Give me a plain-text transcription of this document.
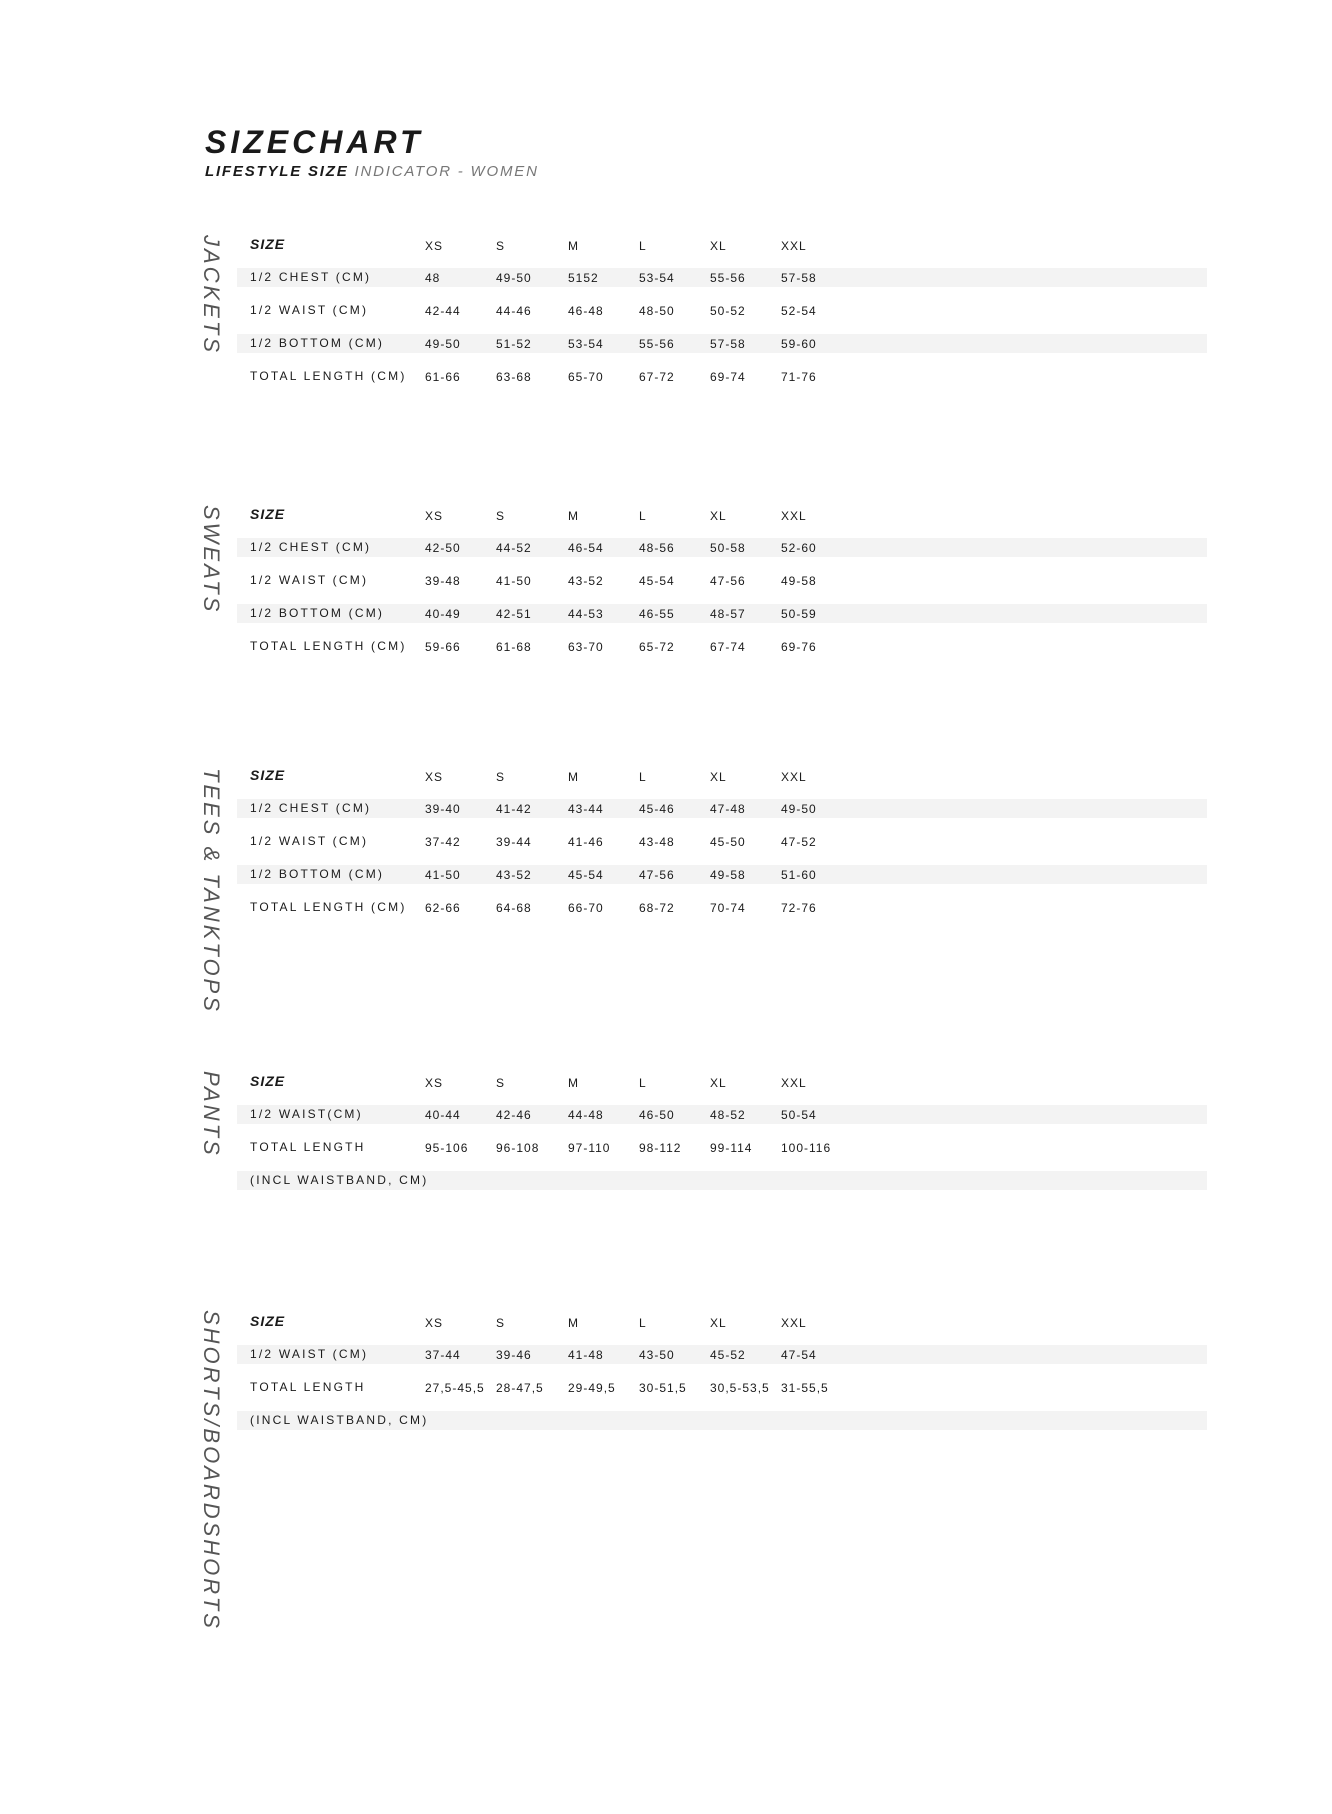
SIZECHART

LIFESTYLE SIZE INDICATOR - WOMEN

JACKETS SIZE	XS	S	M	L	XL	XXL
1/2 CHEST (CM)	48	49-50	5152	53-54	55-56	57-58
1/2 WAIST (CM)	42-44	44-46	46-48	48-50	50-52	52-54
1/2 BOTTOM (CM)	49-50	51-52	53-54	55-56	57-58	59-60
TOTAL LENGTH (CM) 61-66	63-68	65-70	67-72	69-74	71-76
SWEATS SIZE	XS	S	M	L	XL	XXL
1/2 CHEST (CM)	42-50	44-52	46-54	48-56	50-58	52-60
1/2 WAIST (CM)	39-48	41-50	43-52	45-54	47-56	49-58
1/2 BOTTOM (CM)	40-49	42-51	44-53	46-55	48-57	50-59
TOTAL LENGTH (CM) 59-66	61-68	63-70	65-72	67-74	69-76
TEES & TANKTOPS SIZE	XS	S	M	L	XL	XXL
1/2 CHEST (CM)	39-40	41-42	43-44	45-46	47-48	49-50
1/2 WAIST (CM)	37-42	39-44	41-46	43-48	45-50	47-52
1/2 BOTTOM (CM)	41-50	43-52	45-54	47-56	49-58	51-60
TOTAL LENGTH (CM) 62-66	64-68	66-70	68-72	70-74	72-76
PANTS SIZE	XS	S	M	L	XL	XXL
1/2 WAIST(CM)	40-44	42-46	44-48	46-50	48-52	50-54
TOTAL LENGTH	95-106 96-108 97-110 98-112 99-114 100-116
(INCL WAISTBAND, CM)
SHORTS/BOARDSHORTS SIZE	XS	S	M	L	XL	XXL
1/2 WAIST (CM)	37-44	39-46	41-48	43-50	45-52	47-54
TOTAL LENGTH	27,5-45,5 28-47,5 29-49,5 30-51,5 30,5-53,5 31-55,5
(INCL WAISTBAND, CM)
